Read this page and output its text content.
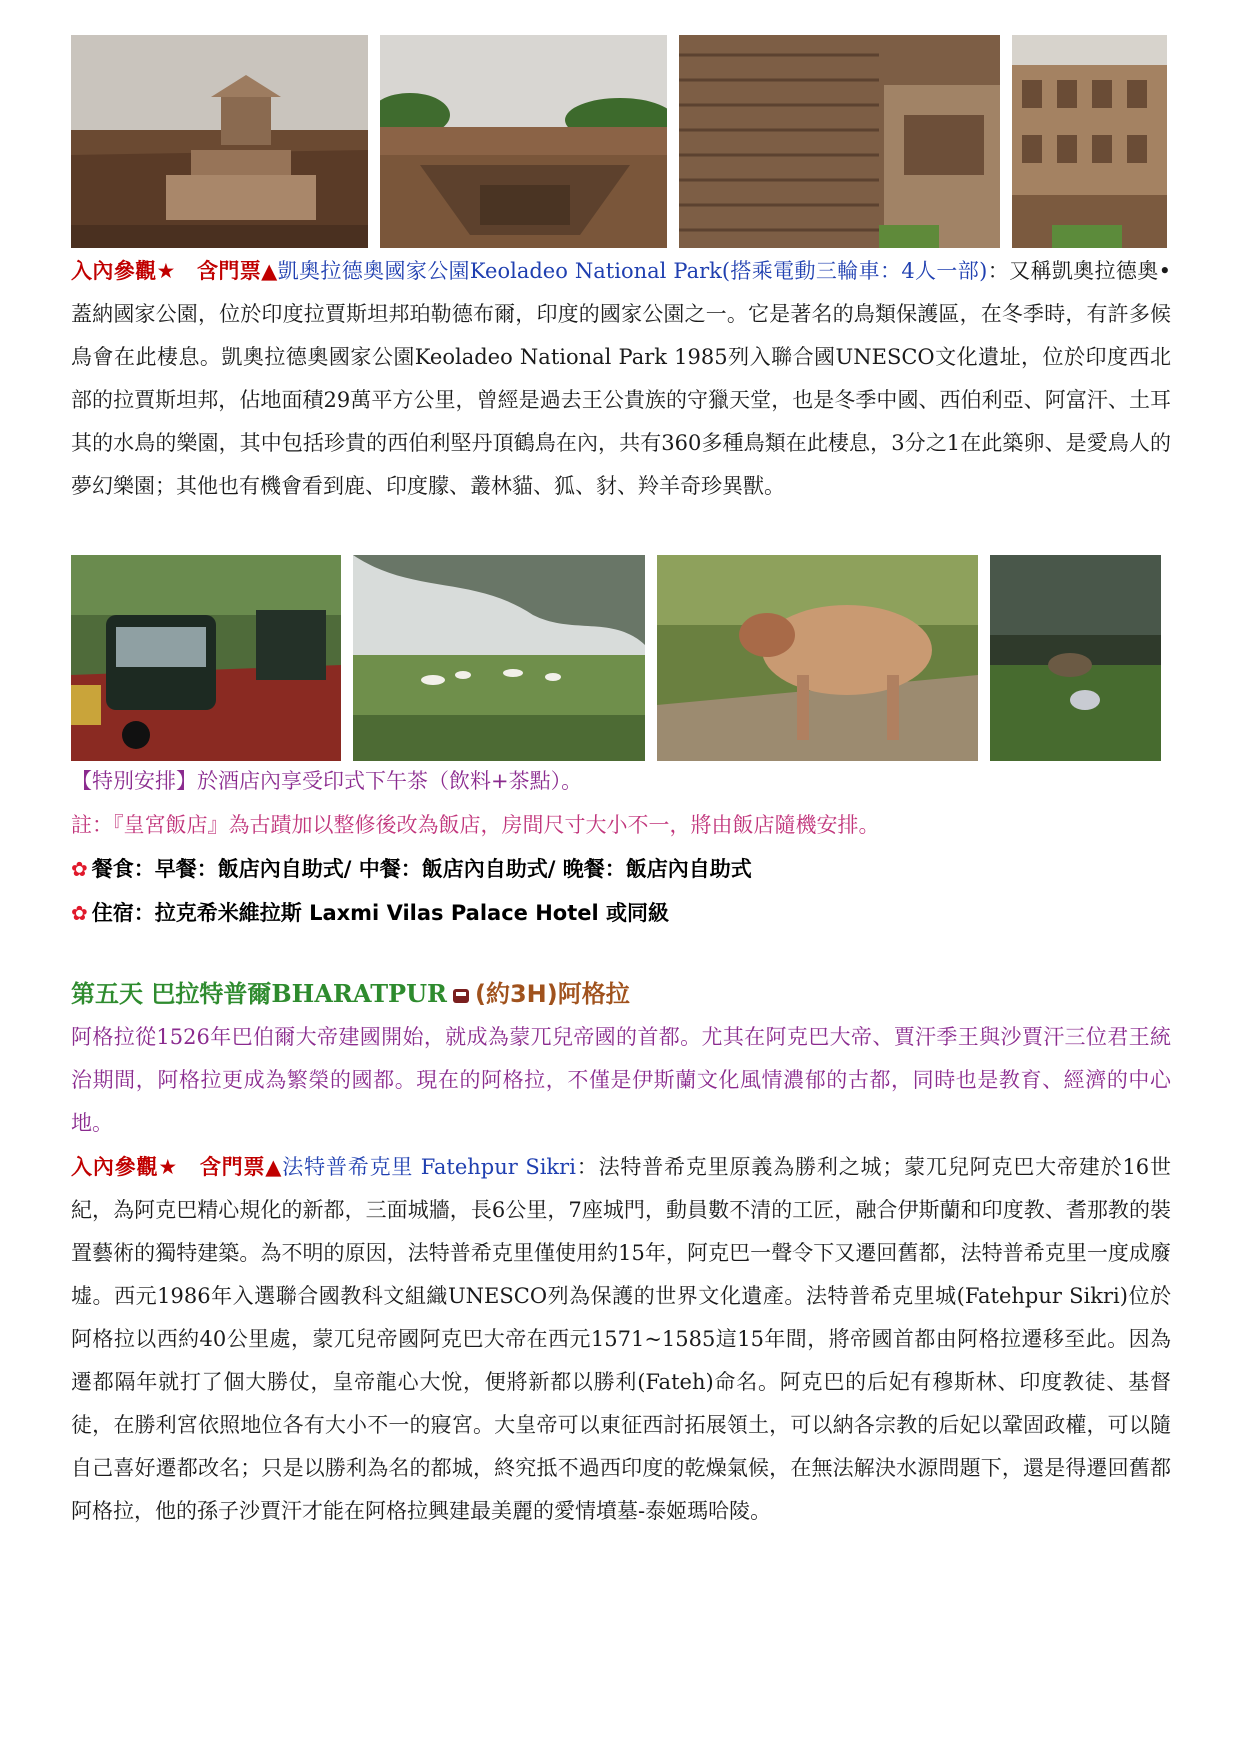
入內參觀★　 含門票▲凱奧拉德奧國家公園Keoladeo National Park(搭乘電動三輪車：4人一部)：又稱凱奧拉德奧•蓋納國家公園，位於印度拉賈斯坦邦珀勒德布爾，印度的國家公園之一。它是著名的鳥類保護區，在冬季時，有許多候鳥會在此棲息。凱奧拉德奧國家公園Keoladeo National Park 1985列入聯合國UNESCO文化遺址，位於印度西北部的拉賈斯坦邦，佔地面積29萬平方公里，曾經是過去王公貴族的守獵天堂，也是冬季中國、西伯利亞、阿富汗、土耳其的水鳥的樂園，其中包括珍貴的西伯利堅丹頂鶴鳥在內，共有360多種鳥類在此棲息，3分之1在此築卵、是愛鳥人的夢幻樂園；其他也有機會看到鹿、印度朦、叢林貓、狐、豺、羚羊奇珍異獸。

【特別安排】於酒店內享受印式下午茶（飲料+茶點）。

註：『皇宮飯店』為古蹟加以整修後改為飯店，房間尺寸大小不一，將由飯店隨機安排。

✿ 餐食：早餐：飯店內自助式/ 中餐：飯店內自助式/ 晚餐：飯店內自助式

✿ 住宿：拉克希米維拉斯 Laxmi Vilas Palace Hotel 或同級

第五天 巴拉特普爾BHARATPUR (約3H)阿格拉

阿格拉從1526年巴伯爾大帝建國開始，就成為蒙兀兒帝國的首都。尤其在阿克巴大帝、賈汗季王與沙賈汗三位君王統治期間，阿格拉更成為繁榮的國都。現在的阿格拉，不僅是伊斯蘭文化風情濃郁的古都，同時也是教育、經濟的中心地。

入內參觀★　 含門票▲法特普希克里 Fatehpur Sikri：法特普希克里原義為勝利之城；蒙兀兒阿克巴大帝建於16世紀，為阿克巴精心規化的新都，三面城牆，長6公里，7座城門，動員數不清的工匠，融合伊斯蘭和印度教、耆那教的裝置藝術的獨特建築。為不明的原因，法特普希克里僅使用約15年，阿克巴一聲令下又遷回舊都，法特普希克里一度成廢墟。西元1986年入選聯合國教科文組織UNESCO列為保護的世界文化遺產。法特普希克里城(Fatehpur Sikri)位於阿格拉以西約40公里處，蒙兀兒帝國阿克巴大帝在西元1571~1585這15年間，將帝國首都由阿格拉遷移至此。因為遷都隔年就打了個大勝仗，皇帝龍心大悅，便將新都以勝利(Fateh)命名。阿克巴的后妃有穆斯林、印度教徒、基督徒，在勝利宮依照地位各有大小不一的寢宮。大皇帝可以東征西討拓展領土，可以納各宗教的后妃以鞏固政權，可以隨自己喜好遷都改名；只是以勝利為名的都城，終究抵不過西印度的乾燥氣候，在無法解決水源問題下，還是得遷回舊都阿格拉，他的孫子沙賈汗才能在阿格拉興建最美麗的愛情墳墓-泰姬瑪哈陵。
